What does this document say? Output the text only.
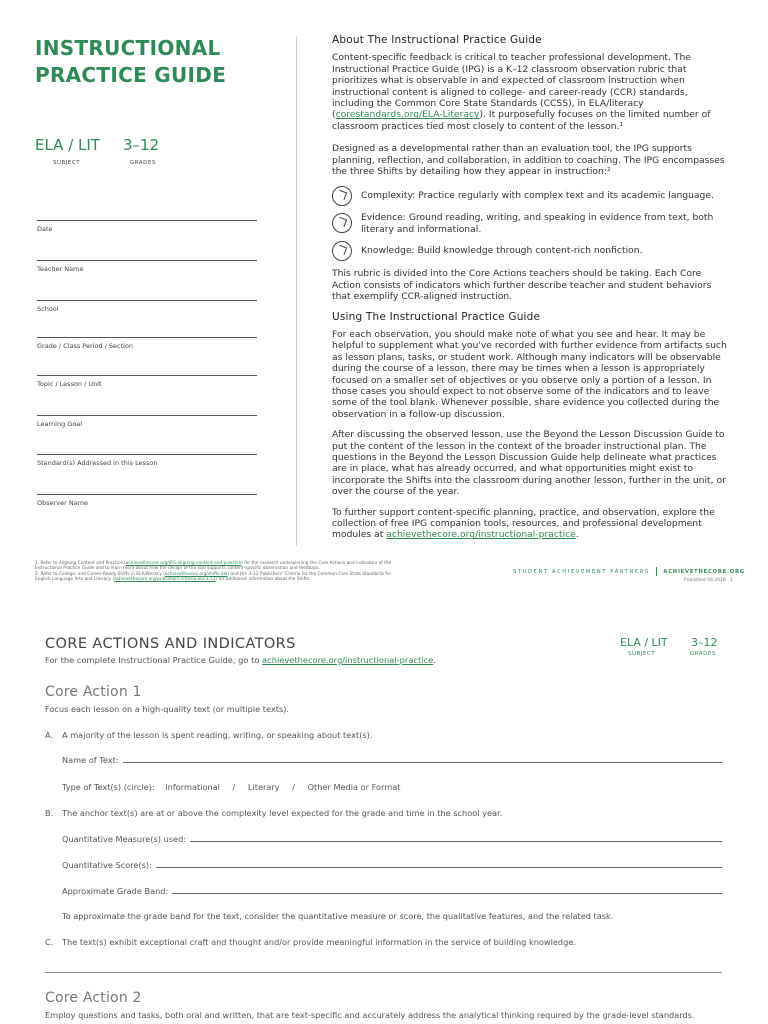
INSTRUCTIONAL
PRACTICE GUIDE
ELA / LIT 3–12
SUBJECT	GRADES
Date
Teacher Name
School
Grade / Class Period / Section
Topic / Lesson / Unit
Learning Goal
Standard(s) Addressed in this Lesson
Observer Name
About The Instructional Practice Guide

Content-specific feedback is critical to teacher professional development. The Instructional Practice Guide (IPG) is a K–12 classroom observation rubric that prioritizes what is observable in and expected of classroom instruction when instructional content is aligned to college- and career-ready (CCR) standards, including the Common Core State Standards (CCSS), in ELA/literacy (corestandards.org/ELA-Literacy). It purposefully focuses on the limited number of classroom practices tied most closely to content of the lesson.¹

Designed as a developmental rather than an evaluation tool, the IPG supports planning, reflection, and collaboration, in addition to coaching. The IPG encompasses the three Shifts by detailing how they appear in instruction:²

Complexity: Practice regularly with complex text and its academic language.
Evidence: Ground reading, writing, and speaking in evidence from text, both literary and informational.
Knowledge: Build knowledge through content-rich nonfiction.

This rubric is divided into the Core Actions teachers should be taking. Each Core Action consists of indicators which further describe teacher and student behaviors that exemplify CCR-aligned instruction.

Using The Instructional Practice Guide

For each observation, you should make note of what you see and hear. It may be helpful to supplement what you've recorded with further evidence from artifacts such as lesson plans, tasks, or student work. Although many indicators will be observable during the course of a lesson, there may be times when a lesson is appropriately focused on a smaller set of objectives or you observe only a portion of a lesson. In those cases you should expect to not observe some of the indicators and to leave some of the tool blank. Whenever possible, share evidence you collected during the observation in a follow-up discussion.

After discussing the observed lesson, use the Beyond the Lesson Discussion Guide to put the content of the lesson in the context of the broader instructional plan. The questions in the Beyond the Lesson Discussion Guide help delineate what practices are in place, what has already occurred, and what opportunities might exist to incorporate the Shifts into the classroom during another lesson, further in the unit, or over the course of the year.

To further support content-specific planning, practice, and observation, explore the collection of free IPG companion tools, resources, and professional development modules at achievethecore.org/instructional-practice.

1. Refer to Aligning Content and Practice (achievethecore.org/IPG-aligning-content-and-practice) for the research underpinning the Core Actions and indicators of the Instructional Practice Guide and to learn more about how the design of the tool supports content-specific observation and feedback.
2. Refer to College- and Career-Ready Shifts in ELA/literacy (achievethecore.org/shifts-ela) and the 3–12 Publishers' Criteria for the Common Core State Standards for English Language Arts and Literacy (achievethecore.org/publishers-criteria-ela-3-12) for additional information about the Shifts.
STUDENT ACHIEVEMENT PARTNERS	ACHIEVETHECORE.ORG
Published 08.2018 1
CORE ACTIONS AND INDICATORS
For the complete Instructional Practice Guide, go to achievethecore.org/instructional-practice.
ELA / LIT 3–12
SUBJECT	GRADES
Core Action 1
Focus each lesson on a high-quality text (or multiple texts).
A. A majority of the lesson is spent reading, writing, or speaking about text(s).
Name of Text:
Type of Text(s) (circle): Informational / Literary / Other Media or Format
B. The anchor text(s) are at or above the complexity level expected for the grade and time in the school year.
Quantitative Measure(s) used:
Quantitative Score(s):
Approximate Grade Band:
To approximate the grade band for the text, consider the quantitative measure or score, the qualitative features, and the related task.
C. The text(s) exhibit exceptional craft and thought and/or provide meaningful information in the service of building knowledge.
Core Action 2
Employ questions and tasks, both oral and written, that are text-specific and accurately address the analytical thinking required by the grade-level standards.
